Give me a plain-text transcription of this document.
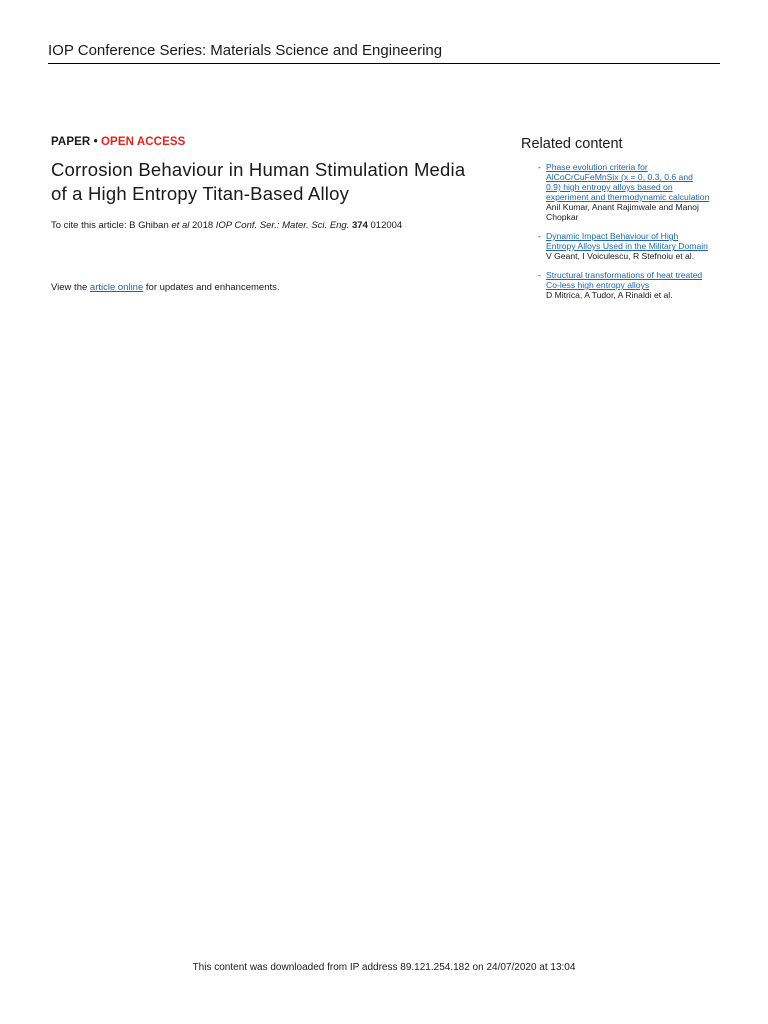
IOP Conference Series: Materials Science and Engineering
PAPER • OPEN ACCESS
Corrosion Behaviour in Human Stimulation Media
of a High Entropy Titan-Based Alloy
To cite this article: B Ghiban et al 2018 IOP Conf. Ser.: Mater. Sci. Eng. 374 012004
View the article online for updates and enhancements.
Related content
- Phase evolution criteria for
AlCoCrCuFeMnSix (x = 0, 0.3, 0.6 and
0.9) high entropy alloys based on
experiment and thermodynamic calculation
Anil Kumar, Anant Rajimwale and Manoj
Chopkar
- Dynamic Impact Behaviour of High
Entropy Alloys Used in the Military Domain
V Geant, I Voiculescu, R Stefnoiu et al.
- Structural transformations of heat treated
Co-less high entropy alloys
D Mitrica, A Tudor, A Rinaldi et al.
This content was downloaded from IP address 89.121.254.182 on 24/07/2020 at 13:04
